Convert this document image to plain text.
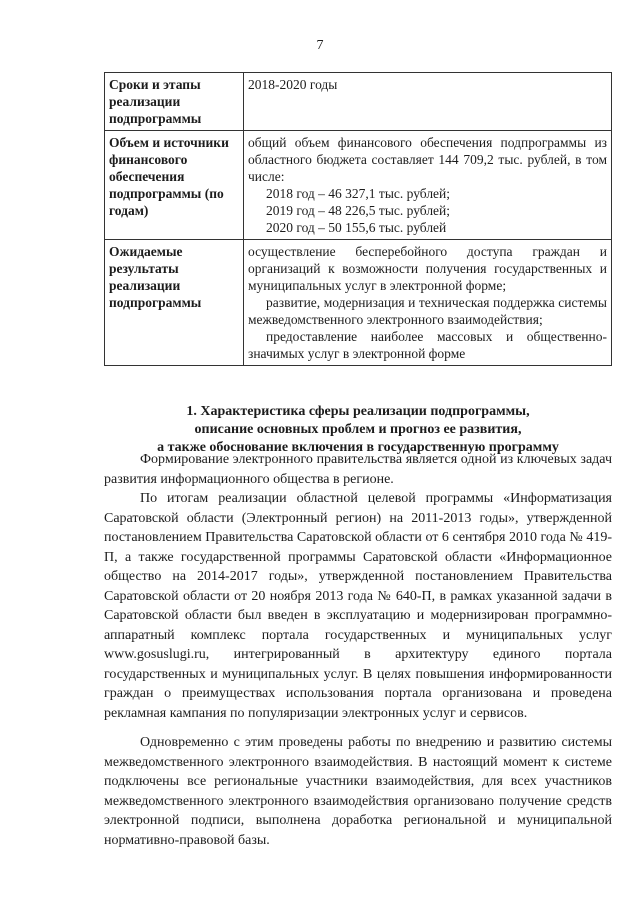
7
Сроки и этапы реализации подпрограммы	2018-2020 годы

Объем и источники финансового обеспечения подпрограммы (по годам)	общий объем финансового обеспечения подпрограммы из областного бюджета составляет 144 709,2 тыс. рублей, в том числе:
2018 год – 46 327,1 тыс. рублей;
2019 год – 48 226,5 тыс. рублей;
2020 год – 50 155,6 тыс. рублей

Ожидаемые результаты реализации подпрограммы	осуществление бесперебойного доступа граждан и организаций к возможности получения государственных и муниципальных услуг в электронной форме;
развитие, модернизация и техническая поддержка системы межведомственного электронного взаимодействия;
предоставление наиболее массовых и общественно-значимых услуг в электронной форме
1. Характеристика сферы реализации подпрограммы,
описание основных проблем и прогноз ее развития,
а также обоснование включения в государственную программу

Формирование электронного правительства является одной из ключевых задач развития информационного общества в регионе.

По итогам реализации областной целевой программы «Информатизация Саратовской области (Электронный регион) на 2011-2013 годы», утвержденной постановлением Правительства Саратовской области от 6 сентября 2010 года № 419-П, а также государственной программы Саратовской области «Информационное общество на 2014-2017 годы», утвержденной постановлением Правительства Саратовской области от 20 ноября 2013 года № 640-П, в рамках указанной задачи в Саратовской области был введен в эксплуатацию и модернизирован программно-аппаратный комплекс портала государственных и муниципальных услуг www.gosuslugi.ru, интегрированный в архитектуру единого портала государственных и муниципальных услуг. В целях повышения информированности граждан о преимуществах использования портала организована и проведена рекламная кампания по популяризации электронных услуг и сервисов.

Одновременно с этим проведены работы по внедрению и развитию системы межведомственного электронного взаимодействия. В настоящий момент к системе подключены все региональные участники взаимодействия, для всех участников межведомственного электронного взаимодействия организовано получение средств электронной подписи, выполнена доработка региональной и муниципальной нормативно-правовой базы.
